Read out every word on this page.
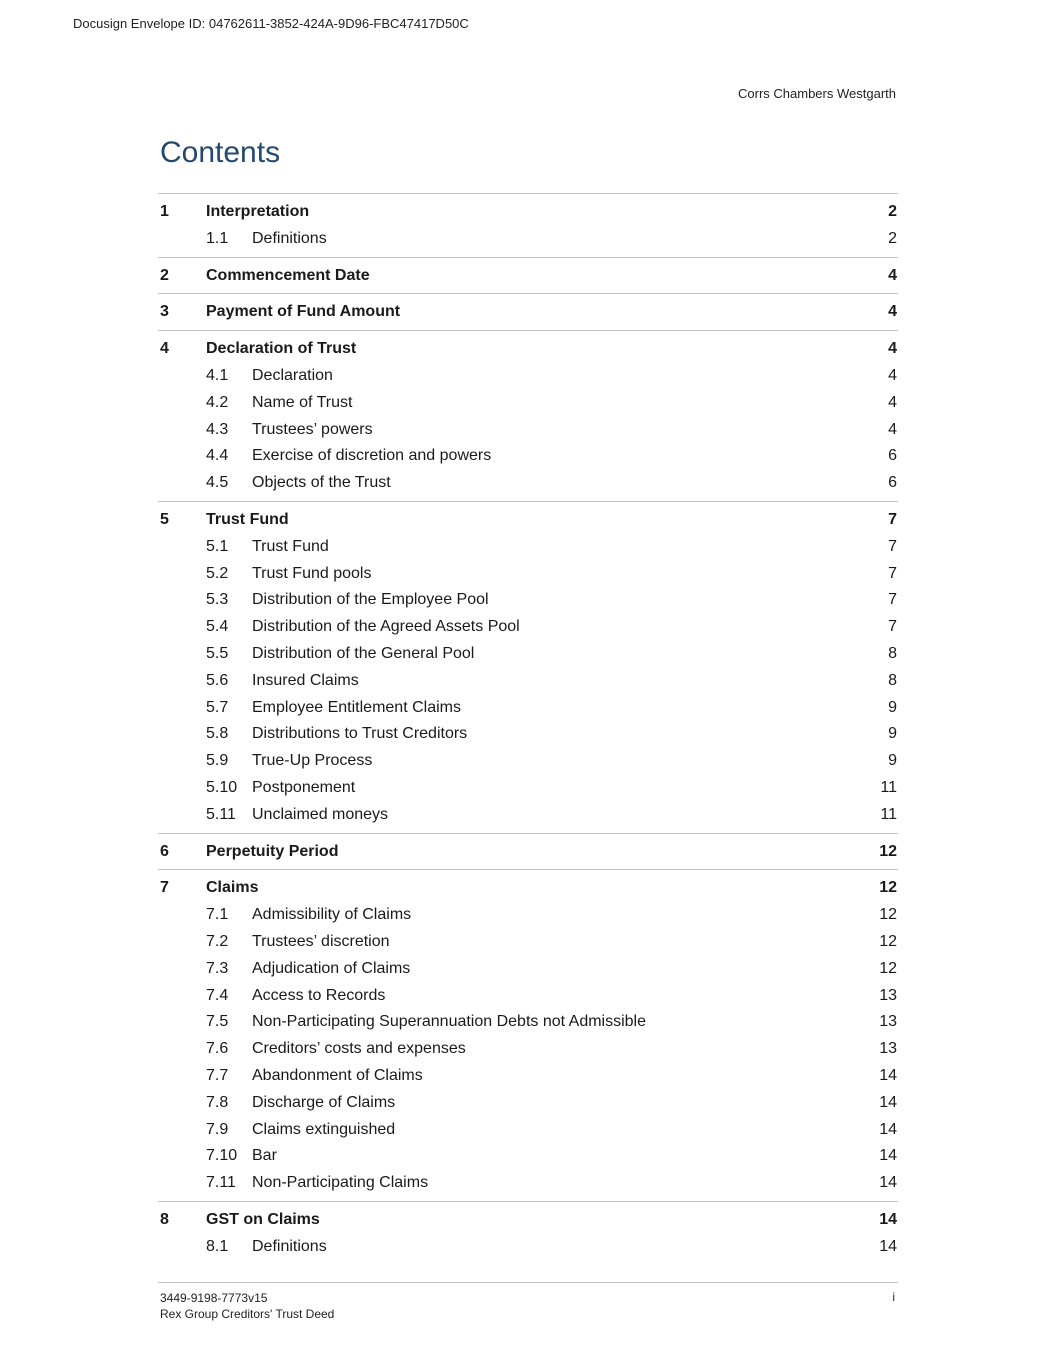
Docusign Envelope ID: 04762611-3852-424A-9D96-FBC47417D50C
Corrs Chambers Westgarth
Contents
1	Interpretation	2
1.1	Definitions	2
2	Commencement Date	4
3	Payment of Fund Amount	4
4	Declaration of Trust	4
4.1	Declaration	4
4.2	Name of Trust	4
4.3	Trustees’ powers	4
4.4	Exercise of discretion and powers	6
4.5	Objects of the Trust	6
5	Trust Fund	7
5.1	Trust Fund	7
5.2	Trust Fund pools	7
5.3	Distribution of the Employee Pool	7
5.4	Distribution of the Agreed Assets Pool	7
5.5	Distribution of the General Pool	8
5.6	Insured Claims	8
5.7	Employee Entitlement Claims	9
5.8	Distributions to Trust Creditors	9
5.9	True-Up Process	9
5.10 Postponement	11
5.11	Unclaimed moneys	11
6	Perpetuity Period	12
7	Claims	12
7.1	Admissibility of Claims	12
7.2	Trustees’ discretion	12
7.3	Adjudication of Claims	12
7.4	Access to Records	13
7.5	Non-Participating Superannuation Debts not Admissible	13
7.6	Creditors’ costs and expenses	13
7.7	Abandonment of Claims	14
7.8	Discharge of Claims	14
7.9	Claims extinguished	14
7.10 Bar	14
7.11	Non-Participating Claims	14
8	GST on Claims	14
8.1	Definitions	14
3449-9198-7773v15
Rex Group Creditors' Trust Deed
i
